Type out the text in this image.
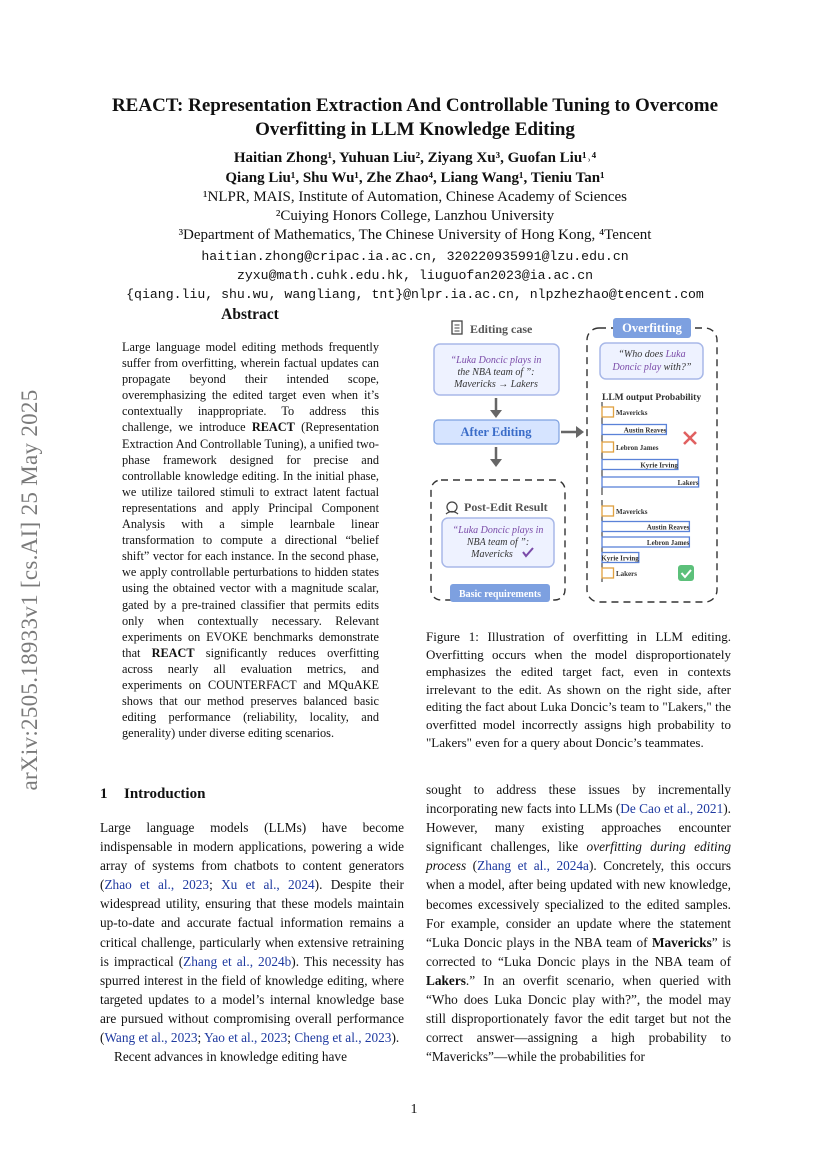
arXiv:2505.18933v1 [cs.AI] 25 May 2025
REACT: Representation Extraction And Controllable Tuning to Overcome
Overfitting in LLM Knowledge Editing
Haitian Zhong¹, Yuhuan Liu², Ziyang Xu³, Guofan Liu¹˒⁴
Qiang Liu¹, Shu Wu¹, Zhe Zhao⁴, Liang Wang¹, Tieniu Tan¹
¹NLPR, MAIS, Institute of Automation, Chinese Academy of Sciences
²Cuiying Honors College, Lanzhou University
³Department of Mathematics, The Chinese University of Hong Kong, ⁴Tencent
haitian.zhong@cripac.ia.ac.cn, 320220935991@lzu.edu.cn
zyxu@math.cuhk.edu.hk, liuguofan2023@ia.ac.cn
{qiang.liu, shu.wu, wangliang, tnt}@nlpr.ia.ac.cn, nlpzhezhao@tencent.com
Abstract

Large language model editing methods frequently suffer from overfitting, wherein factual updates can propagate beyond their intended scope, overemphasizing the edited target even when it’s contextually inappropriate. To address this challenge, we introduce REACT (Representation Extraction And Controllable Tuning), a unified two-phase framework designed for precise and controllable knowledge editing. In the initial phase, we utilize tailored stimuli to extract latent factual representations and apply Principal Component Analysis with a simple learnbale linear transformation to compute a directional “belief shift” vector for each instance. In the second phase, we apply controllable perturbations to hidden states using the obtained vector with a magnitude scalar, gated by a pre-trained classifier that permits edits only when contextually necessary. Relevant experiments on EVOKE benchmarks demonstrate that REACT significantly reduces overfitting across nearly all evaluation metrics, and experiments on COUNTERFACT and MQuAKE shows that our method preserves balanced basic editing performance (reliability, locality, and generality) under diverse editing scenarios.

Editing case
“Luka Doncic plays in
the NBA team of ”:
Mavericks → Lakers
After Editing
Post-Edit Result
“Luka Doncic plays in
NBA team of ”:
Mavericks
Basic requirements
Overfitting
“Who does Luka
Doncic play with?”
LLM output Probability
Mavericks
Austin Reaves
Lebron James
Kyrie Irving
Lakers
Mavericks
Austin Reaves
Lebron James
Kyrie Irving
Lakers
Figure 1: Illustration of overfitting in LLM editing. Overfitting occurs when the model disproportionately emphasizes the edited target fact, even in contexts irrelevant to the edit. As shown on the right side, after editing the fact about Luka Doncic’s team to "Lakers," the overfitted model incorrectly assigns high probability to "Lakers" even for a query about Doncic’s teammates.
1 Introduction

Large language models (LLMs) have become indispensable in modern applications, powering a wide array of systems from chatbots to content generators (Zhao et al., 2023; Xu et al., 2024). Despite their widespread utility, ensuring that these models maintain up-to-date and accurate factual information remains a critical challenge, particularly when extensive retraining is impractical (Zhang et al., 2024b). This necessity has spurred interest in the field of knowledge editing, where targeted updates to a model’s internal knowledge base are pursued without compromising overall performance (Wang et al., 2023; Yao et al., 2023; Cheng et al., 2023).

Recent advances in knowledge editing have

sought to address these issues by incrementally incorporating new facts into LLMs (De Cao et al., 2021). However, many existing approaches encounter significant challenges, like overfitting during editing process (Zhang et al., 2024a). Concretely, this occurs when a model, after being updated with new knowledge, becomes excessively specialized to the edited samples. For example, consider an update where the statement “Luka Doncic plays in the NBA team of Mavericks” is corrected to “Luka Doncic plays in the NBA team of Lakers.” In an overfit scenario, when queried with “Who does Luka Doncic play with?”, the model may still disproportionately favor the edit target but not the correct answer—assigning a high probability to “Mavericks”—while the probabilities for

1
